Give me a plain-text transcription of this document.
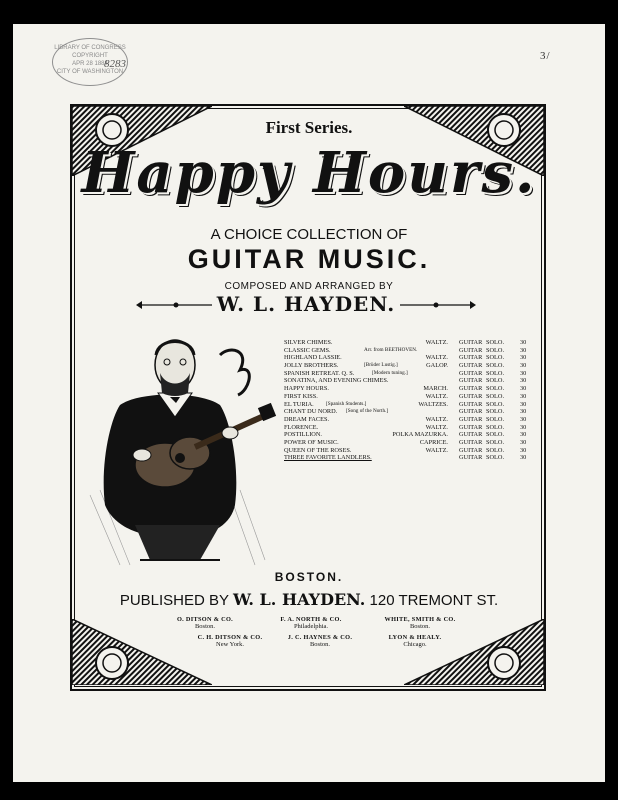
LIBRARY OF CONGRESS
COPYRIGHT
APR 28 1884
CITY OF WASHINGTON
8283
3/
First Series.
Happy Hours.
A CHOICE COLLECTION OF
GUITAR MUSIC.
COMPOSED AND ARRANGED BY
W. L. HAYDEN.
SILVER CHIMES.	WALTZ. GUITAR SOLO.	30
CLASSIC GEMS.	Arr. from BEETHOVEN.	GUITAR SOLO.	30
HIGHLAND LASSIE.	WALTZ. GUITAR SOLO.	30
JOLLY BROTHERS.	[Brüder Lustig.]	GALOP. GUITAR SOLO.	30
SPANISH RETREAT. Q. S.	[Modern tuning.]	GUITAR SOLO.	30
SONATINA, AND EVENING CHIMES.	GUITAR SOLO.	30
HAPPY HOURS.	MARCH. GUITAR SOLO.	30
FIRST KISS.	WALTZ. GUITAR SOLO.	30
EL TURIA. [Spanish Students.]	WALTZES. GUITAR SOLO.	30
CHANT DU NORD. [Song of the North.]	GUITAR SOLO.	30
DREAM FACES.	WALTZ. GUITAR SOLO.	30
FLORENCE.	WALTZ. GUITAR SOLO.	30
POSTILLION.	POLKA MAZURKA. GUITAR SOLO.	30
POWER OF MUSIC.	CAPRICE. GUITAR SOLO.	30
QUEEN OF THE ROSES.	WALTZ. GUITAR SOLO.	30
THREE FAVORITE LANDLERS.	GUITAR SOLO.	30
BOSTON.
PUBLISHED BY W. L. HAYDEN. 120 TREMONT ST.
O. DITSON & CO.
Boston.
F. A. NORTH & CO.
Philadelphia.
WHITE, SMITH & CO.
Boston.
C. H. DITSON & CO.
New York.
J. C. HAYNES & CO.
Boston.
LYON & HEALY.
Chicago.
